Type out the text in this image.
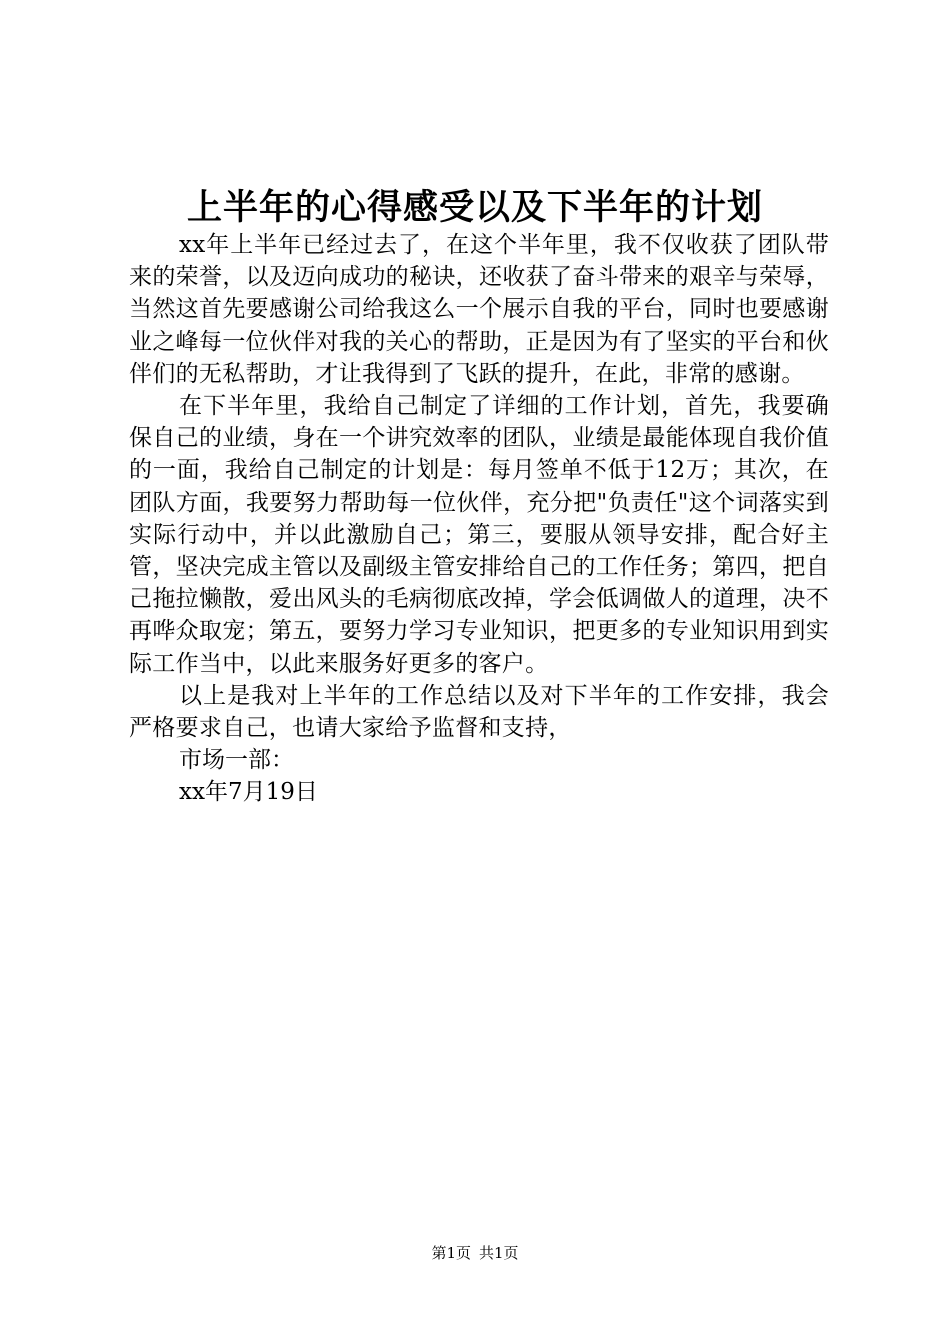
上半年的心得感受以及下半年的计划

xx年上半年已经过去了，在这个半年里，我不仅收获了团队带来的荣誉，以及迈向成功的秘诀，还收获了奋斗带来的艰辛与荣辱，当然这首先要感谢公司给我这么一个展示自我的平台，同时也要感谢业之峰每一位伙伴对我的关心的帮助，正是因为有了坚实的平台和伙伴们的无私帮助，才让我得到了飞跃的提升，在此，非常的感谢。

在下半年里，我给自己制定了详细的工作计划，首先，我要确保自己的业绩，身在一个讲究效率的团队，业绩是最能体现自我价值的一面，我给自己制定的计划是：每月签单不低于12万；其次，在团队方面，我要努力帮助每一位伙伴，充分把"负责任"这个词落实到实际行动中，并以此激励自己；第三，要服从领导安排，配合好主管，坚决完成主管以及副级主管安排给自己的工作任务；第四，把自己拖拉懒散，爱出风头的毛病彻底改掉，学会低调做人的道理，决不再哗众取宠；第五，要努力学习专业知识，把更多的专业知识用到实际工作当中，以此来服务好更多的客户。

以上是我对上半年的工作总结以及对下半年的工作安排，我会严格要求自己，也请大家给予监督和支持，

市场一部：

xx年7月19日

第1页 共1页
